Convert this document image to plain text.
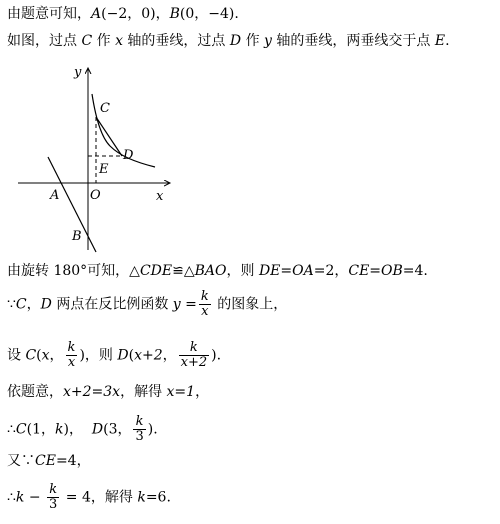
由题意可知，A(−2，0)，B(0，−4).
如图，过点 C 作 x 轴的垂线，过点 D 作 y 轴的垂线，两垂线交于点 E.
y
x
C
D
E
O
A
B
由旋转 180°可知，△CDE≌△BAO，则 DE=OA=2，CE=OB=4.
∵C，D 两点在反比例函数 $y = \frac{k}{x}$ 的图象上，
设 C(x， $\frac{k}{x}$ )，则 D(x+2， $\frac{k}{x+2}$ ).
依题意，x+2=3x，解得 x=1，
∴C(1，k)， D(3， $\frac{k}{3}$ ).
又∵CE=4，
∴k − $\frac{k}{3} = 4$，解得 k=6.
